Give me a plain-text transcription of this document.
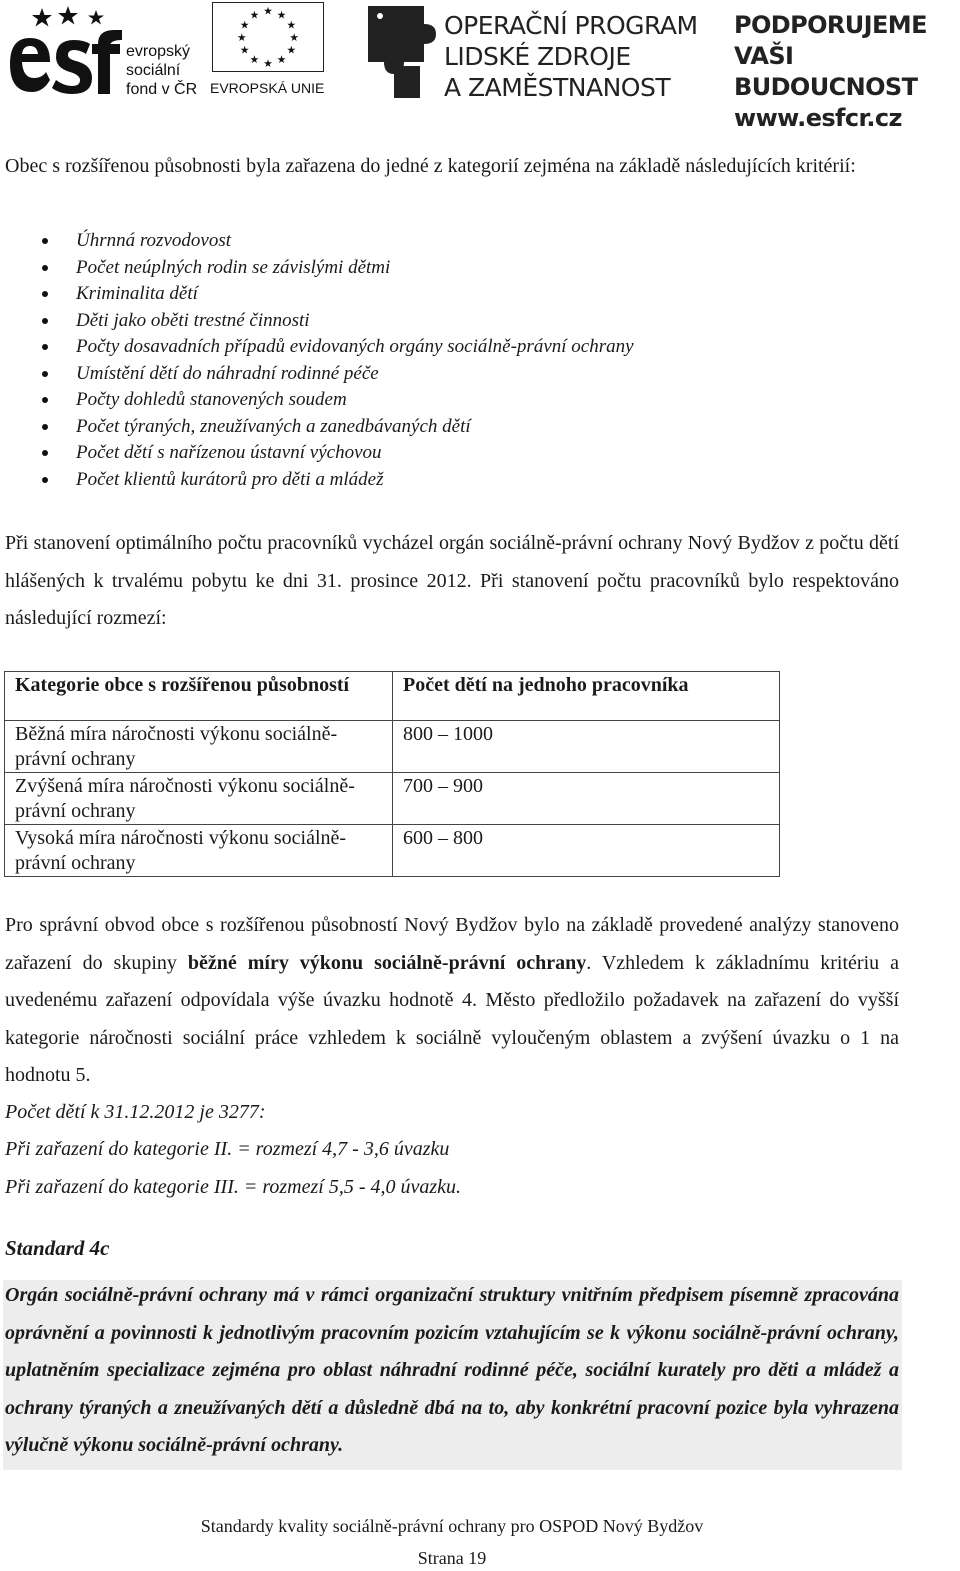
evropský
sociální
fond v ČR
★ ★
★
★
★
★
★
★
★
★
★
★
EVROPSKÁ UNIE
OPERAČNÍ PROGRAM
LIDSKÉ ZDROJE
A ZAMĚSTNANOST
PODPORUJEME
VAŠI BUDOUCNOST
www.esfcr.cz
Obec s rozšířenou působnosti byla zařazena do jedné z kategorií zejména na základě následujících kritérií:
Úhrnná rozvodovost
Počet neúplných rodin se závislými dětmi
Kriminalita dětí
Děti jako oběti trestné činnosti
Počty dosavadních případů evidovaných orgány sociálně-právní ochrany
Umístění dětí do náhradní rodinné péče
Počty dohledů stanovených soudem
Počet týraných, zneužívaných a zanedbávaných dětí
Počet dětí s nařízenou ústavní výchovou
Počet klientů kurátorů pro děti a mládež
Při stanovení optimálního počtu pracovníků vycházel orgán sociálně-právní ochrany Nový Bydžov z počtu dětí hlášených k trvalému pobytu ke dni 31. prosince 2012. Při stanovení počtu pracovníků bylo respektováno následující rozmezí:
Kategorie obce s rozšířenou působností	Počet dětí na jednoho pracovníka
Běžná míra náročnosti výkonu sociálně-právní ochrany	800 – 1000
Zvýšená míra náročnosti výkonu sociálně-právní ochrany	700 – 900
Vysoká míra náročnosti výkonu sociálně-právní ochrany	600 – 800
Pro správní obvod obce s rozšířenou působností Nový Bydžov bylo na základě provedené analýzy stanoveno zařazení do skupiny běžné míry výkonu sociálně-právní ochrany. Vzhledem k základnímu kritériu a uvedenému zařazení odpovídala výše úvazku hodnotě 4. Město předložilo požadavek na zařazení do vyšší kategorie náročnosti sociální práce vzhledem k sociálně vyloučeným oblastem a zvýšení úvazku o 1 na hodnotu 5.
Počet dětí k 31.12.2012 je 3277:
Při zařazení do kategorie II. = rozmezí 4,7 - 3,6 úvazku
Při zařazení do kategorie III. = rozmezí 5,5 - 4,0 úvazku.
Standard 4c
Orgán sociálně-právní ochrany má v rámci organizační struktury vnitřním předpisem písemně zpracována oprávnění a povinnosti k jednotlivým pracovním pozicím vztahujícím se k výkonu sociálně-právní ochrany, uplatněním specializace zejména pro oblast náhradní rodinné péče, sociální kurately pro děti a mládež a ochrany týraných a zneužívaných dětí a důsledně dbá na to, aby konkrétní pracovní pozice byla vyhrazena výlučně výkonu sociálně-právní ochrany.
Standardy kvality sociálně-právní ochrany pro OSPOD Nový Bydžov
Strana 19
